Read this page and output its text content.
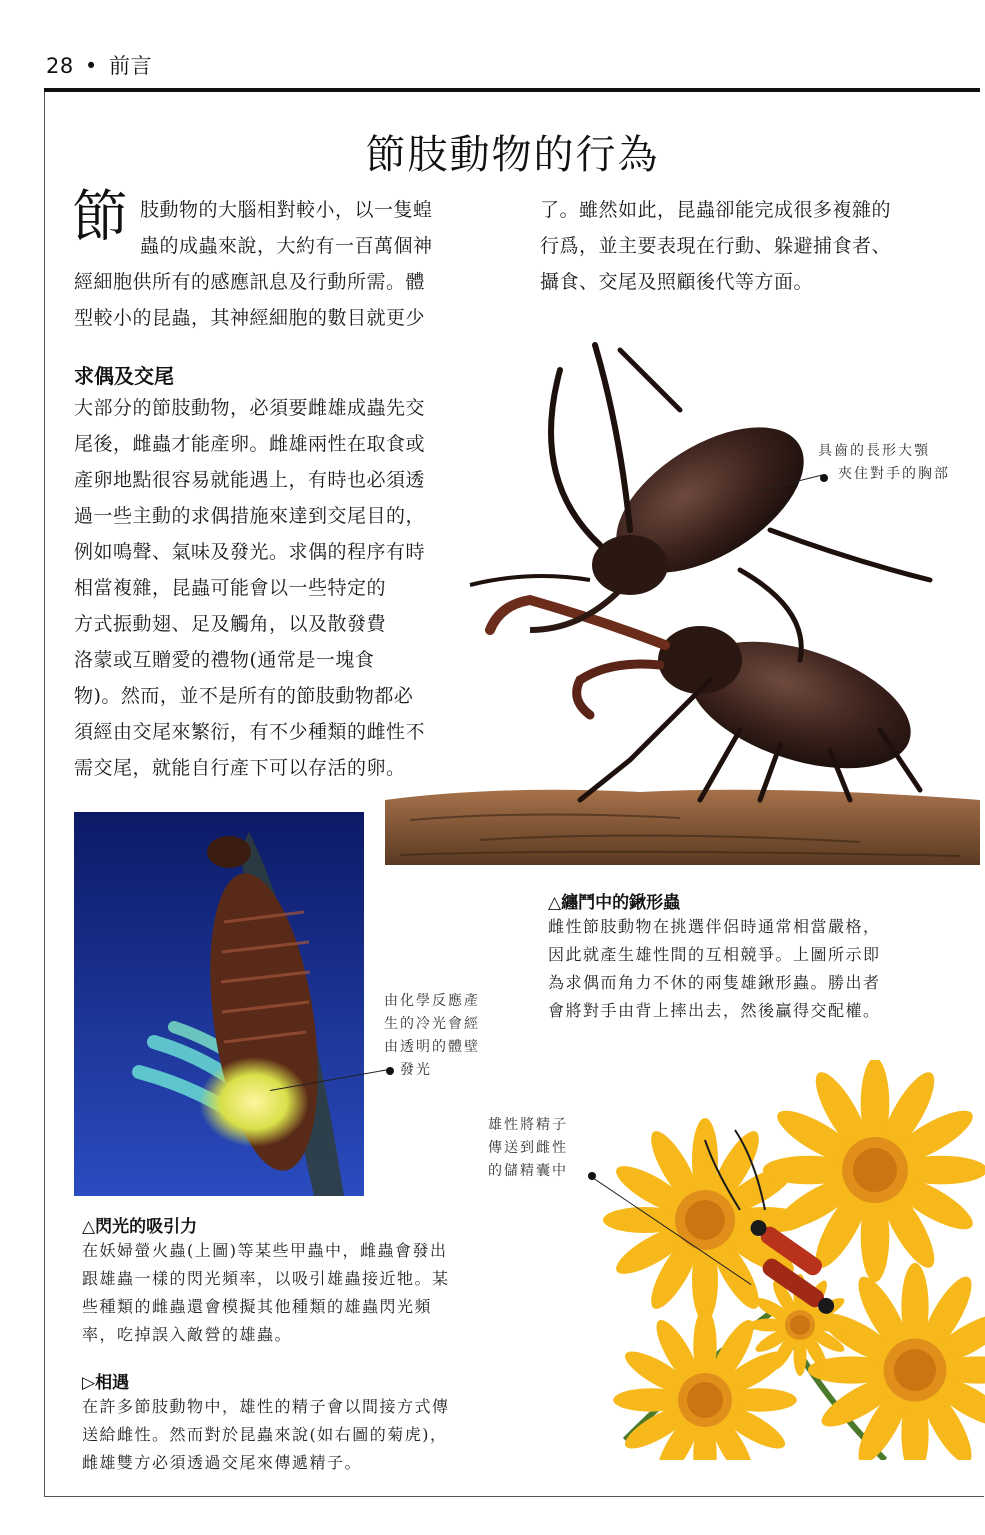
28 • 前言
節肢動物的行為
節 肢動物的大腦相對較小，以一隻蝗
蟲的成蟲來說，大約有一百萬個神
經細胞供所有的感應訊息及行動所需。體
型較小的昆蟲，其神經細胞的數目就更少
了。雖然如此，昆蟲卻能完成很多複雜的
行爲，並主要表現在行動、躲避捕食者、
攝食、交尾及照顧後代等方面。
求偶及交尾
大部分的節肢動物，必須要雌雄成蟲先交
尾後，雌蟲才能產卵。雌雄兩性在取食或
產卵地點很容易就能遇上，有時也必須透
過一些主動的求偶措施來達到交尾目的，
例如鳴聲、氣味及發光。求偶的程序有時
相當複雜，昆蟲可能會以一些特定的
方式振動翅、足及觸角，以及散發費
洛蒙或互贈愛的禮物(通常是一塊食
物)。然而，並不是所有的節肢動物都必
須經由交尾來繁衍，有不少種類的雌性不
需交尾，就能自行產下可以存活的卵。
具齒的長形大顎
夾住對手的胸部
△纏鬥中的鍬形蟲
雌性節肢動物在挑選伴侶時通常相當嚴格，
因此就產生雄性間的互相競爭。上圖所示即
為求偶而角力不休的兩隻雄鍬形蟲。勝出者
會將對手由背上摔出去，然後贏得交配權。
由化學反應產
生的冷光會經
由透明的體壁
發光
△閃光的吸引力
在妖婦螢火蟲(上圖)等某些甲蟲中，雌蟲會發出
跟雄蟲一樣的閃光頻率，以吸引雄蟲接近牠。某
些種類的雌蟲還會模擬其他種類的雄蟲閃光頻
率，吃掉誤入敵營的雄蟲。
▷相遇
在許多節肢動物中，雄性的精子會以間接方式傳
送給雌性。然而對於昆蟲來說(如右圖的菊虎)，
雌雄雙方必須透過交尾來傳遞精子。
雄性將精子
傳送到雌性
的儲精囊中
